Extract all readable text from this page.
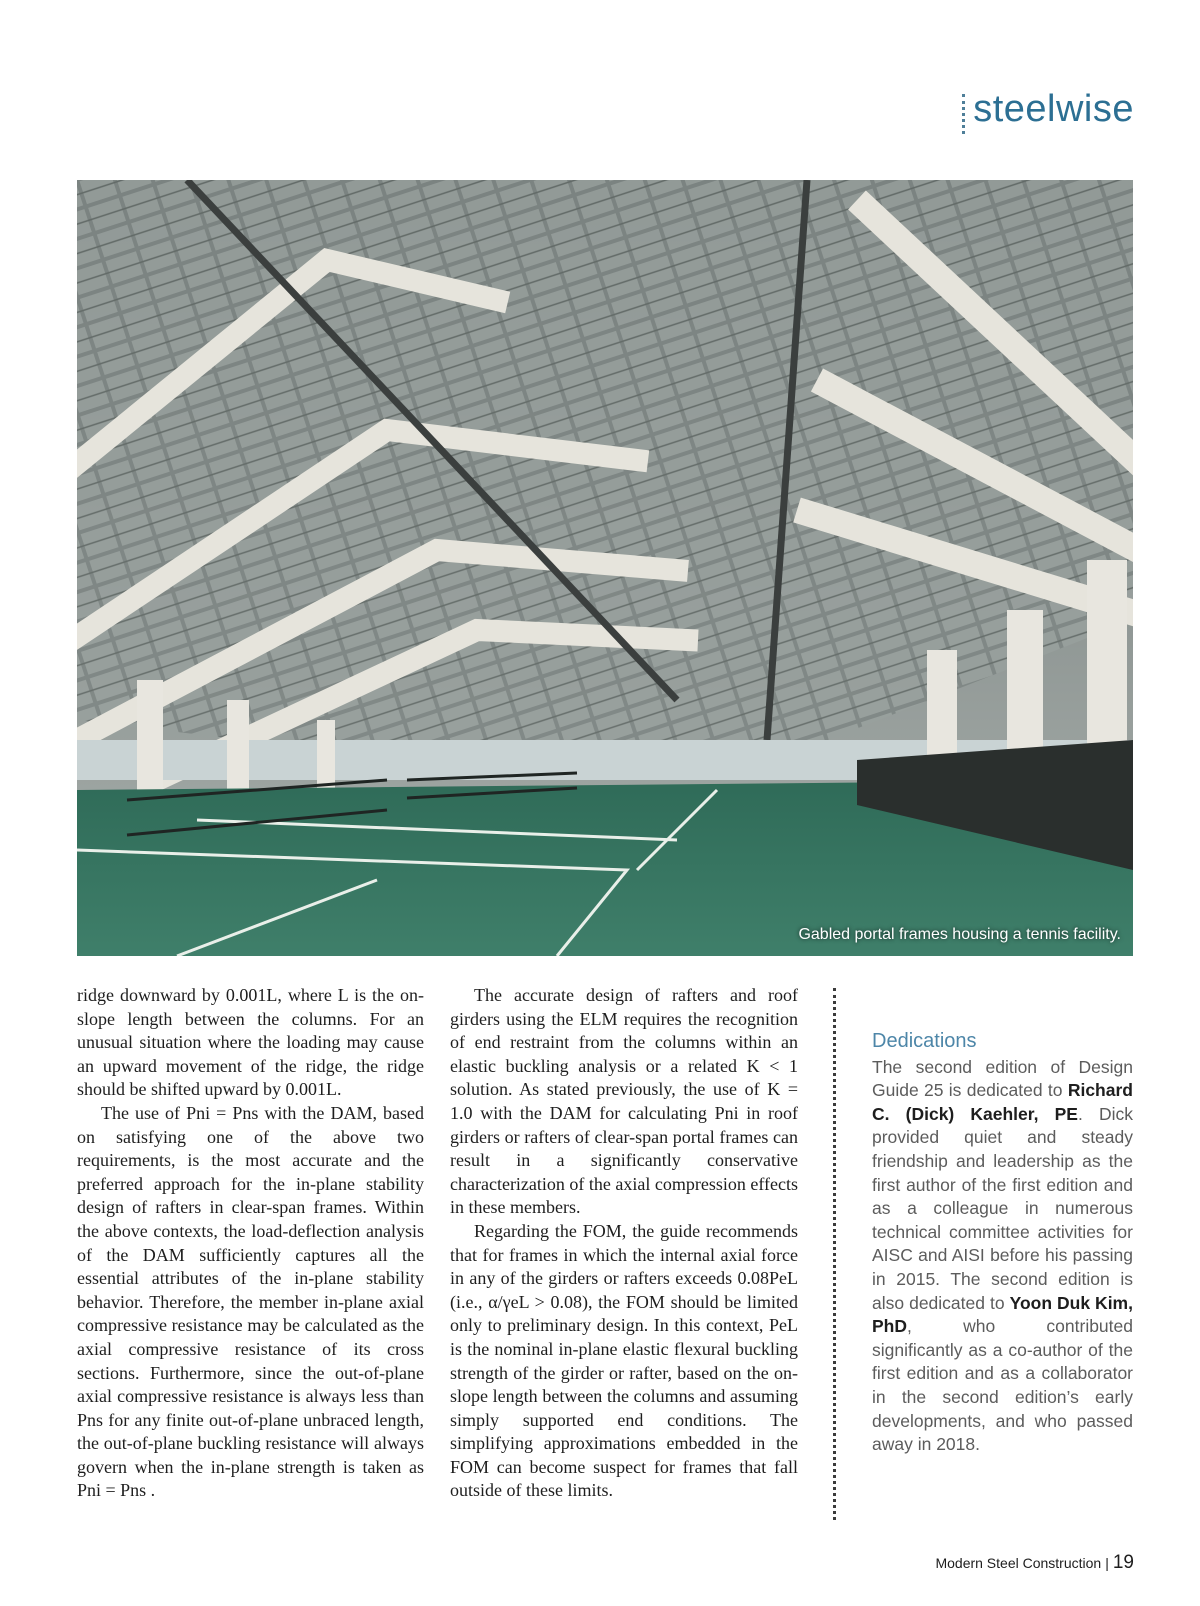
steelwise
Gabled portal frames housing a tennis facility.

ridge downward by 0.001L, where L is the on-slope length between the columns. For an unusual situation where the loading may cause an upward movement of the ridge, the ridge should be shifted upward by 0.001L.

The use of Pni = Pns with the DAM, based on satisfying one of the above two requirements, is the most accurate and the preferred approach for the in-plane stability design of rafters in clear-span frames. Within the above contexts, the load-deflection analysis of the DAM sufficiently captures all the essential attributes of the in-plane stability behavior. Therefore, the member in-plane axial compressive resistance may be calculated as the axial compressive resistance of its cross sections. Furthermore, since the out-of-plane axial compressive resistance is always less than Pns for any finite out-of-plane unbraced length, the out-of-plane buckling resistance will always govern when the in-plane strength is taken as Pni = Pns .

The accurate design of rafters and roof girders using the ELM requires the recognition of end restraint from the columns within an elastic buckling analysis or a related K < 1 solution. As stated previously, the use of K = 1.0 with the DAM for calculating Pni in roof girders or rafters of clear-span portal frames can result in a significantly conservative characterization of the axial compression effects in these members.

Regarding the FOM, the guide recommends that for frames in which the internal axial force in any of the girders or rafters exceeds 0.08PeL (i.e., α/γeL > 0.08), the FOM should be limited only to preliminary design. In this context, PeL is the nominal in-plane elastic flexural buckling strength of the girder or rafter, based on the on-slope length between the columns and assuming simply supported end conditions. The simplifying approximations embedded in the FOM can become suspect for frames that fall outside of these limits.

Dedications

The second edition of Design Guide 25 is dedicated to Richard C. (Dick) Kaehler, PE. Dick provided quiet and steady friendship and leadership as the first author of the first edition and as a colleague in numerous technical committee activities for AISC and AISI before his passing in 2015. The second edition is also dedicated to Yoon Duk Kim, PhD, who contributed significantly as a co-author of the first edition and as a collaborator in the second edition’s early developments, and who passed away in 2018.

Modern Steel Construction | 19
